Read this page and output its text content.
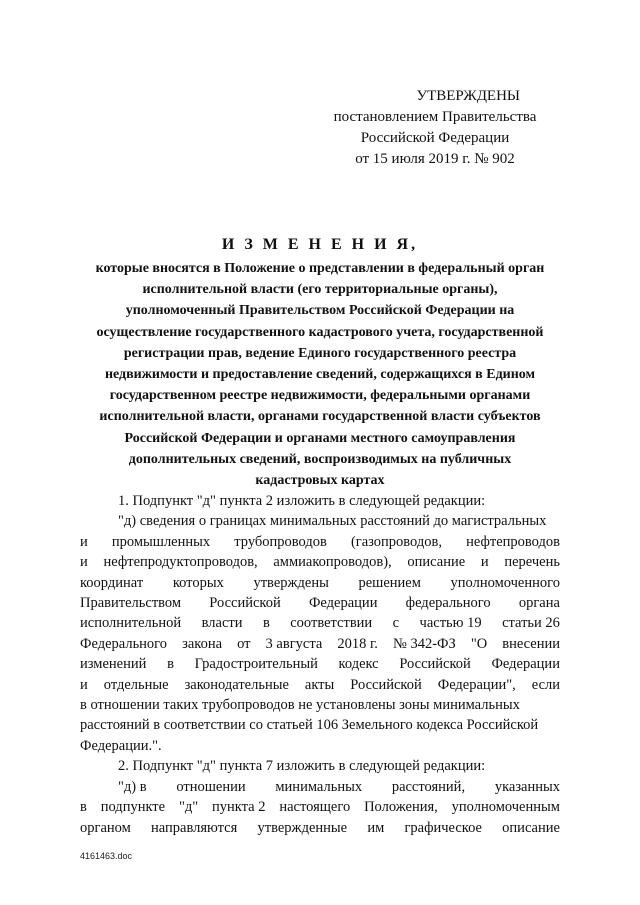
УТВЕРЖДЕНЫ
постановлением Правительства
Российской Федерации
от 15 июля 2019 г. № 902
И З М Е Н Е Н И Я,
которые вносятся в Положение о представлении в федеральный орган
исполнительной власти (его территориальные органы),
уполномоченный Правительством Российской Федерации на
осуществление государственного кадастрового учета, государственной
регистрации прав, ведение Единого государственного реестра
недвижимости и предоставление сведений, содержащихся в Едином
государственном реестре недвижимости, федеральными органами
исполнительной власти, органами государственной власти субъектов
Российской Федерации и органами местного самоуправления
дополнительных сведений, воспроизводимых на публичных
кадастровых картах
1. Подпункт "д" пункта 2 изложить в следующей редакции:
"д) сведения о границах минимальных расстояний до магистральных
и промышленных трубопроводов (газопроводов, нефтепроводов
и нефтепродуктопроводов, аммиакопроводов), описание и перечень
координат которых утверждены решением уполномоченного
Правительством Российской Федерации федерального органа
исполнительной власти в соответствии с частью 19 статьи 26
Федерального закона от 3 августа 2018 г. № 342-ФЗ "О внесении
изменений в Градостроительный кодекс Российской Федерации
и отдельные законодательные акты Российской Федерации", если
в отношении таких трубопроводов не установлены зоны минимальных
расстояний в соответствии со статьей 106 Земельного кодекса Российской
Федерации.".
2. Подпункт "д" пункта 7 изложить в следующей редакции:
"д) в отношении минимальных расстояний, указанных
в подпункте "д" пункта 2 настоящего Положения, уполномоченным
органом направляются утвержденные им графическое описание
4161463.doc
